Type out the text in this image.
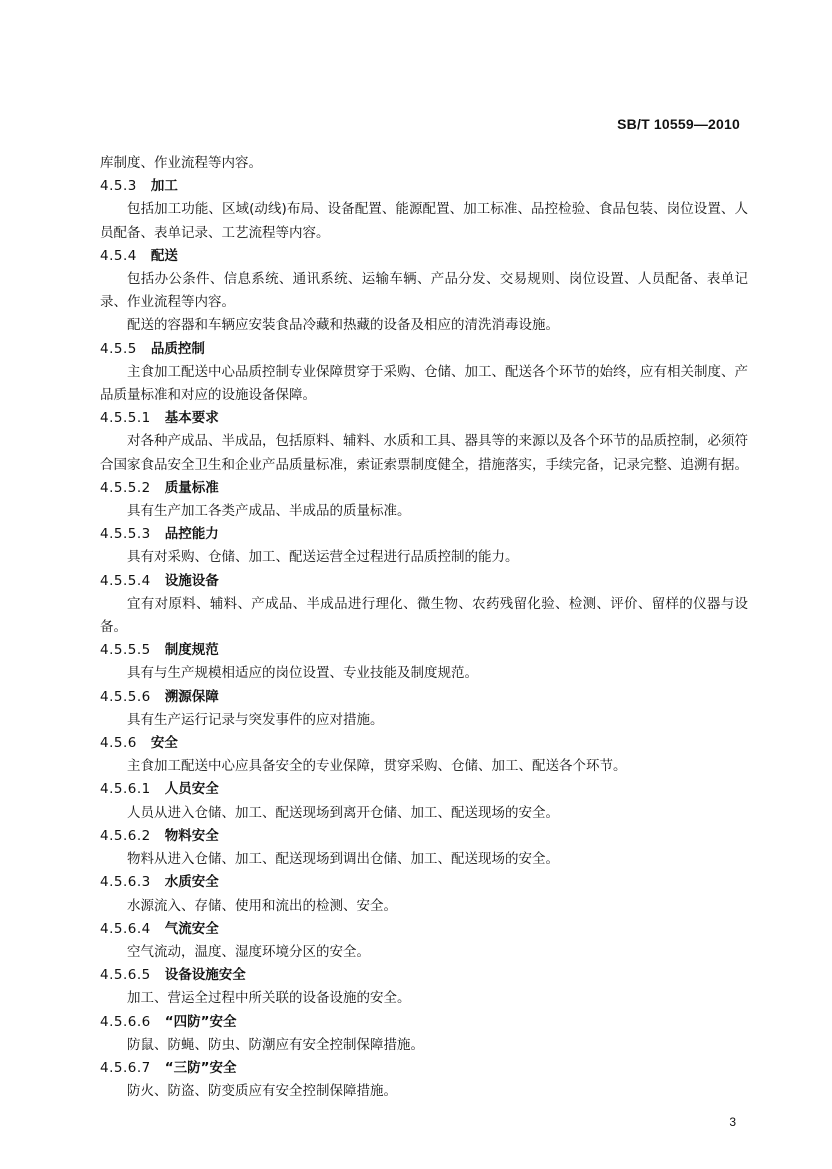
SB/T 10559—2010
库制度、作业流程等内容。
4.5.3 加工
包括加工功能、区域(动线)布局、设备配置、能源配置、加工标准、品控检验、食品包装、岗位设置、人员配备、表单记录、工艺流程等内容。
4.5.4 配送
包括办公条件、信息系统、通讯系统、运输车辆、产品分发、交易规则、岗位设置、人员配备、表单记录、作业流程等内容。
配送的容器和车辆应安装食品冷藏和热藏的设备及相应的清洗消毒设施。
4.5.5 品质控制
主食加工配送中心品质控制专业保障贯穿于采购、仓储、加工、配送各个环节的始终，应有相关制度、产品质量标准和对应的设施设备保障。
4.5.5.1 基本要求
对各种产成品、半成品，包括原料、辅料、水质和工具、器具等的来源以及各个环节的品质控制，必须符合国家食品安全卫生和企业产品质量标准，索证索票制度健全，措施落实，手续完备，记录完整、追溯有据。
4.5.5.2 质量标准
具有生产加工各类产成品、半成品的质量标准。
4.5.5.3 品控能力
具有对采购、仓储、加工、配送运营全过程进行品质控制的能力。
4.5.5.4 设施设备
宜有对原料、辅料、产成品、半成品进行理化、微生物、农药残留化验、检测、评价、留样的仪器与设备。
4.5.5.5 制度规范
具有与生产规模相适应的岗位设置、专业技能及制度规范。
4.5.5.6 溯源保障
具有生产运行记录与突发事件的应对措施。
4.5.6 安全
主食加工配送中心应具备安全的专业保障，贯穿采购、仓储、加工、配送各个环节。
4.5.6.1 人员安全
人员从进入仓储、加工、配送现场到离开仓储、加工、配送现场的安全。
4.5.6.2 物料安全
物料从进入仓储、加工、配送现场到调出仓储、加工、配送现场的安全。
4.5.6.3 水质安全
水源流入、存储、使用和流出的检测、安全。
4.5.6.4 气流安全
空气流动，温度、湿度环境分区的安全。
4.5.6.5 设备设施安全
加工、营运全过程中所关联的设备设施的安全。
4.5.6.6 “四防”安全
防鼠、防蝇、防虫、防潮应有安全控制保障措施。
4.5.6.7 “三防”安全
防火、防盗、防变质应有安全控制保障措施。
3
